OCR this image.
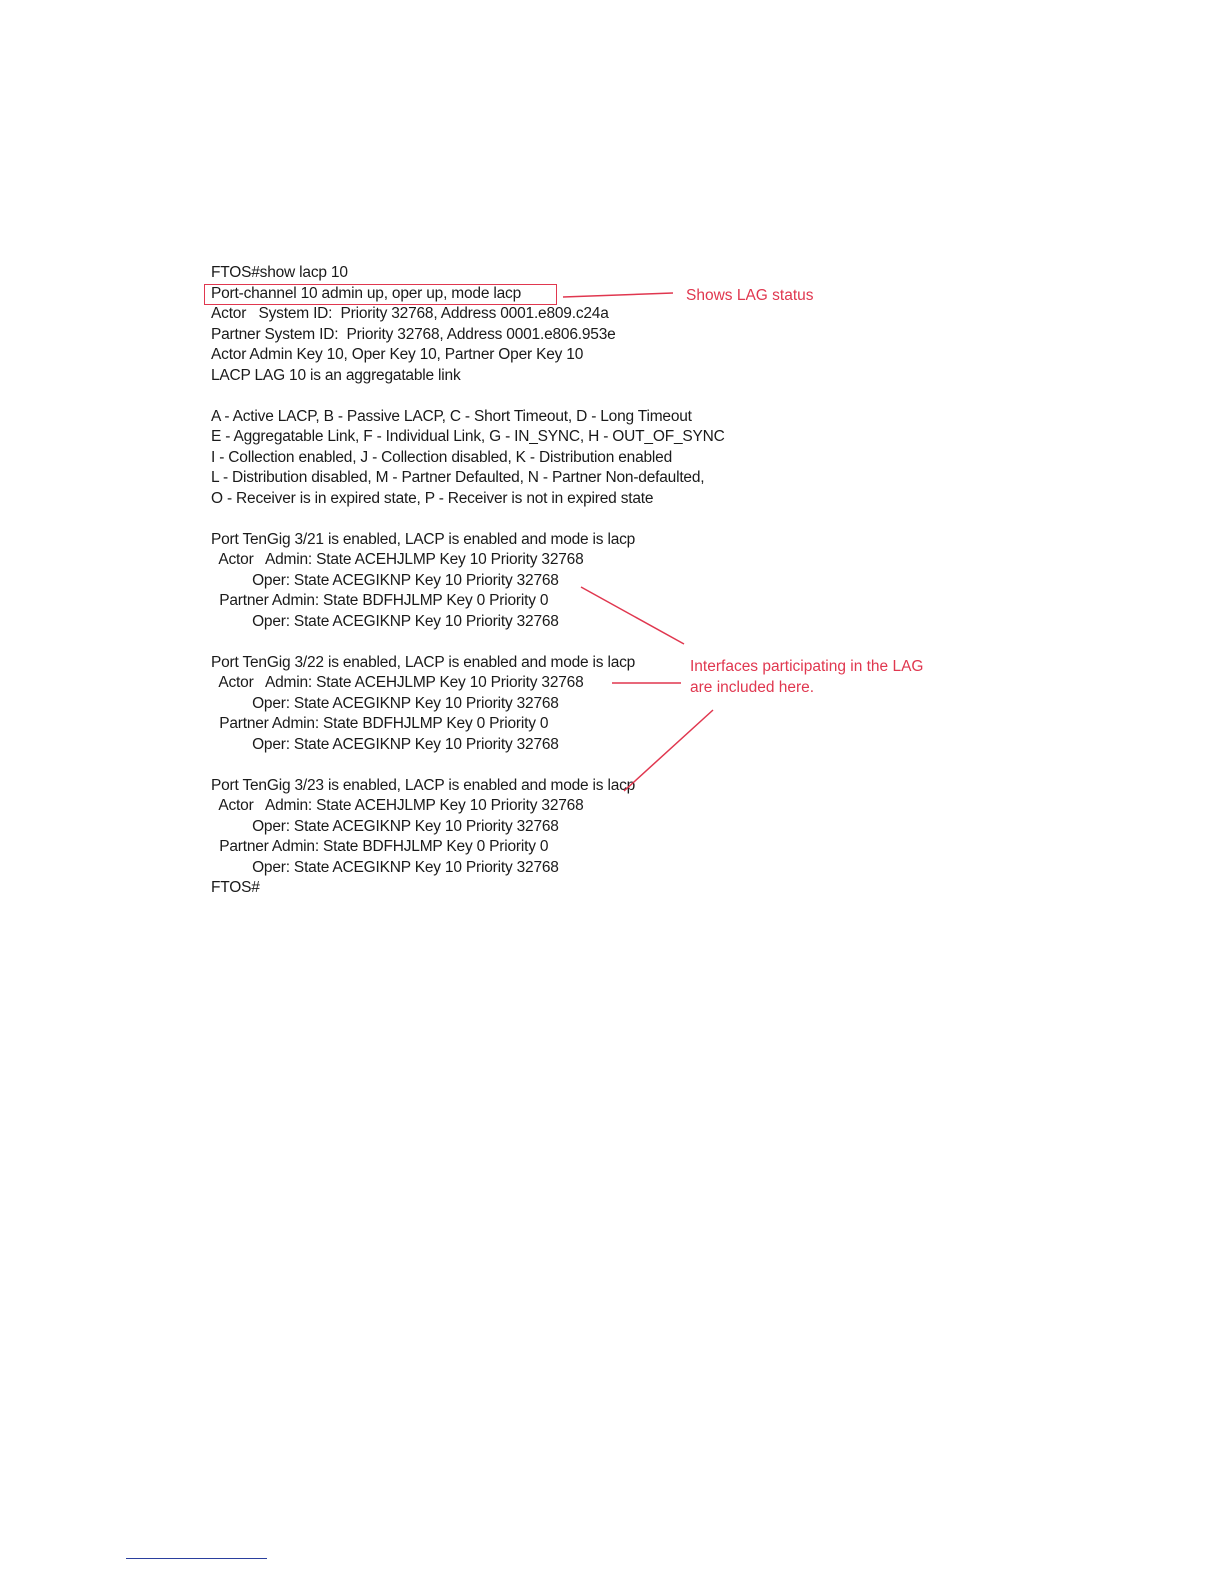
FTOS#show lacp 10
Port-channel 10 admin up, oper up, mode lacp
Actor   System ID:  Priority 32768, Address 0001.e809.c24a
Partner System ID:  Priority 32768, Address 0001.e806.953e
Actor Admin Key 10, Oper Key 10, Partner Oper Key 10
LACP LAG 10 is an aggregatable link
A - Active LACP, B - Passive LACP, C - Short Timeout, D - Long Timeout
E - Aggregatable Link, F - Individual Link, G - IN_SYNC, H - OUT_OF_SYNC
I - Collection enabled, J - Collection disabled, K - Distribution enabled
L - Distribution disabled, M - Partner Defaulted, N - Partner Non-defaulted,
O - Receiver is in expired state, P - Receiver is not in expired state
Port TenGig 3/21 is enabled, LACP is enabled and mode is lacp
Actor   Admin: State ACEHJLMP Key 10 Priority 32768
Oper: State ACEGIKNP Key 10 Priority 32768
Partner Admin: State BDFHJLMP Key 0 Priority 0
Oper: State ACEGIKNP Key 10 Priority 32768
Port TenGig 3/22 is enabled, LACP is enabled and mode is lacp
Actor   Admin: State ACEHJLMP Key 10 Priority 32768
Oper: State ACEGIKNP Key 10 Priority 32768
Partner Admin: State BDFHJLMP Key 0 Priority 0
Oper: State ACEGIKNP Key 10 Priority 32768
Port TenGig 3/23 is enabled, LACP is enabled and mode is lacp
Actor   Admin: State ACEHJLMP Key 10 Priority 32768
Oper: State ACEGIKNP Key 10 Priority 32768
Partner Admin: State BDFHJLMP Key 0 Priority 0
Oper: State ACEGIKNP Key 10 Priority 32768
FTOS#
Shows LAG status
Interfaces participating in the LAG
are included here.
